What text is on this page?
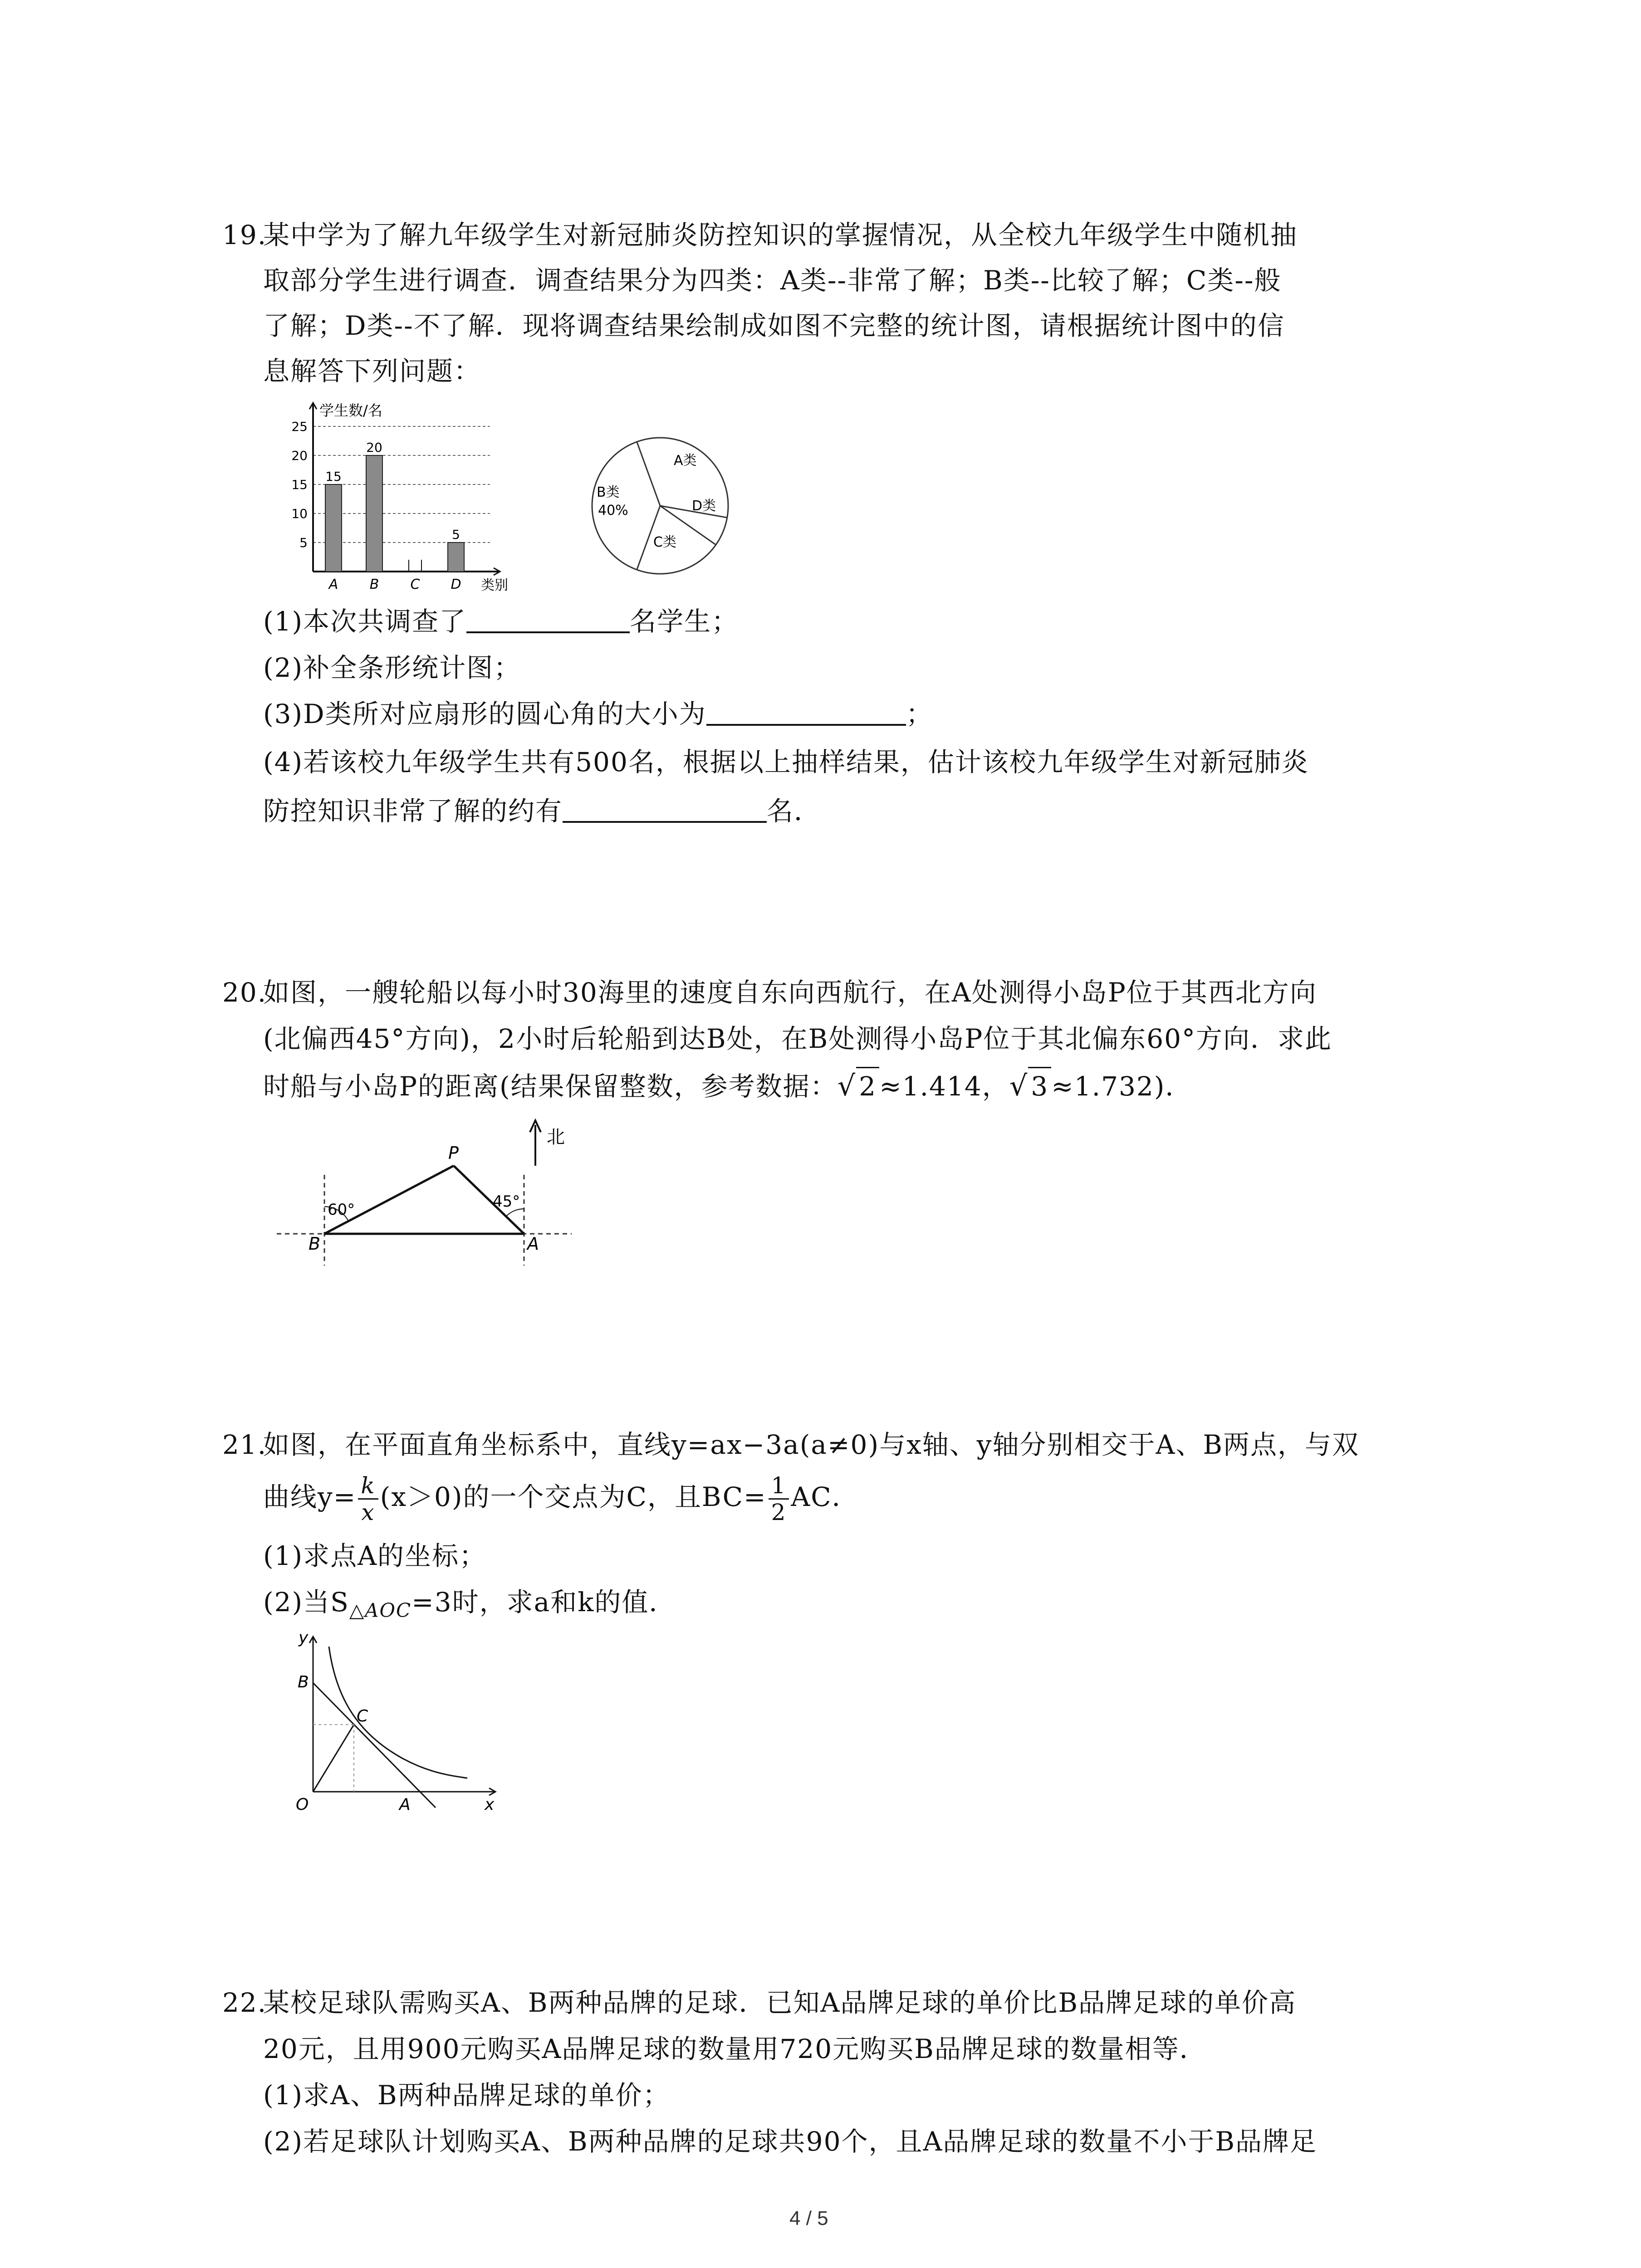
19.
某中学为了解九年级学生对新冠肺炎防控知识的掌握情况，从全校九年级学生中随机抽
取部分学生进行调查．调查结果分为四类：A类--非常了解；B类--比较了解；C类--般
了解；D类--不了解．现将调查结果绘制成如图不完整的统计图，请根据统计图中的信
息解答下列问题：
5
10
15
20
25
学生数/名
类别
15
A
20
B C
5
D
A类
B类
C类
D类
40%
(1)本次共调查了	名学生；
(2)补全条形统计图；
(3)D类所对应扇形的圆心角的大小为	；
(4)若该校九年级学生共有500名，根据以上抽样结果，估计该校九年级学生对新冠肺炎
防控知识非常了解的约有	名．
20.
如图，一艘轮船以每小时30海里的速度自东向西航行，在A处测得小岛P位于其西北方向
(北偏西45°方向)，2小时后轮船到达B处，在B处测得小岛P位于其北偏东60°方向．求此
时船与小岛P的距离(结果保留整数，参考数据：√ 2 ≈1.414，√ 3 ≈1.732)．
北
P
B	A
60°	45°
21.
如图，在平面直角坐标系中，直线y=ax−3a(a≠0)与x轴、y轴分别相交于A、B两点，与双
曲线$y= \frac{k}{x} (x>0)$的一个交点为C，且$BC= \frac{1}{2}$ AC．
(1)求点A的坐标；
(2)当$S_{\triangle AOC}=3$时，求a和k的值．
y
x
O	A
B
C
22.
某校足球队需购买A、B两种品牌的足球．已知A品牌足球的单价比B品牌足球的单价高
20元，且用900元购买A品牌足球的数量用720元购买B品牌足球的数量相等．
(1)求A、B两种品牌足球的单价；
(2)若足球队计划购买A、B两种品牌的足球共90个，且A品牌足球的数量不小于B品牌足
4 / 5
